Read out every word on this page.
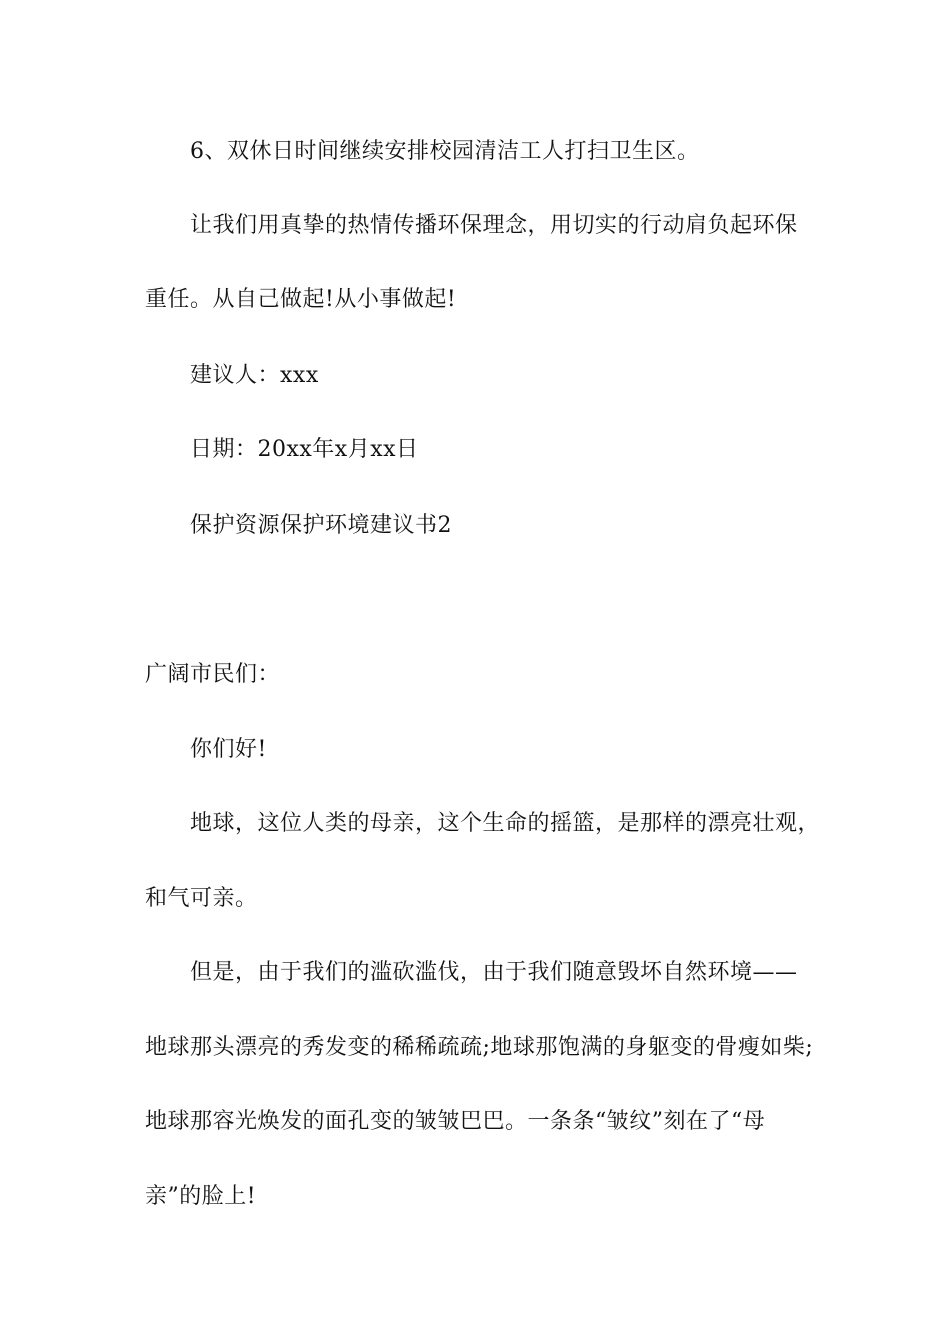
6、双休日时间继续安排校园清洁工人打扫卫生区。
让我们用真挚的热情传播环保理念，用切实的行动肩负起环保
重任。从自己做起!从小事做起!
建议人：xxx
日期：20xx年x月xx日
保护资源保护环境建议书2
广阔市民们：
你们好!
地球，这位人类的母亲，这个生命的摇篮，是那样的漂亮壮观，
和气可亲。
但是，由于我们的滥砍滥伐，由于我们随意毁坏自然环境——
地球那头漂亮的秀发变的稀稀疏疏;地球那饱满的身躯变的骨瘦如柴;
地球那容光焕发的面孔变的皱皱巴巴。一条条“皱纹”刻在了“母
亲”的脸上!
